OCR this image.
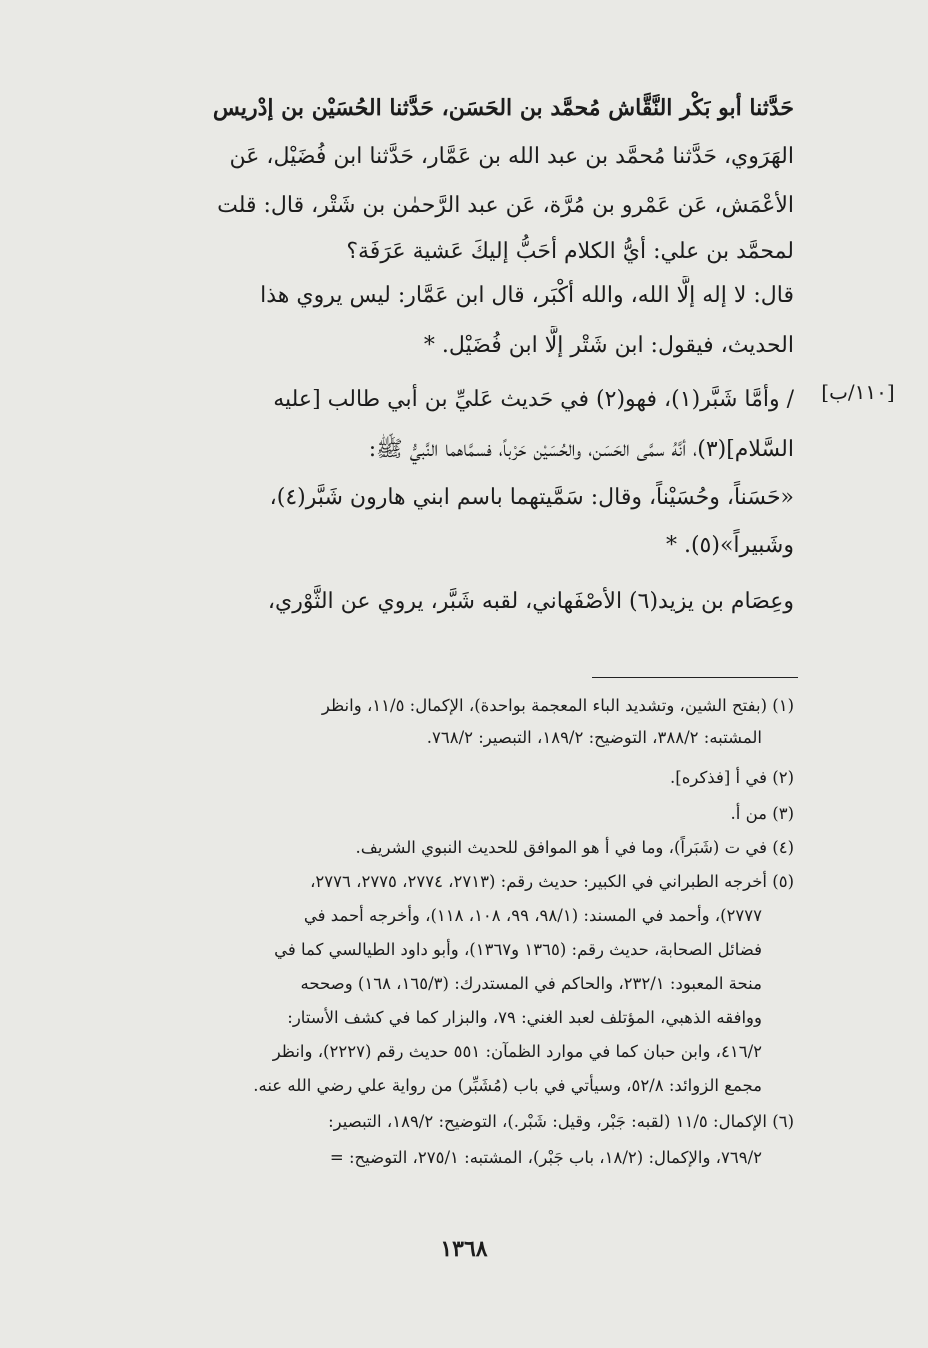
[١١٠/ب]
حَدَّثنا أبو بَكْر النَّقَّاش مُحمَّد بن الحَسَن، حَدَّثنا الحُسَيْن بن إدْريس
الهَرَوي، حَدَّثنا مُحمَّد بن عبد الله بن عَمَّار، حَدَّثنا ابن فُضَيْل، عَن
الأعْمَش، عَن عَمْرو بن مُرَّة، عَن عبد الرَّحمٰن بن شَتْر، قال: قلت
لمحمَّد بن علي: أيُّ الكلام أحَبُّ إليكَ عَشية عَرَفَة؟
قال: لا إله إلَّا الله، والله أكْبَر، قال ابن عَمَّار: ليس يروي هذا
الحديث، فيقول: ابن شَتْر إلَّا ابن فُضَيْل. *
/ وأمَّا شَبَّر(١)، فهو(٢) في حَديث عَليِّ بن أبي طالب [عليه
السَّلام](٣)، أنَّهُ سمَّى الحَسَن، والحُسَيْن حَرْباً، فسمَّاهما النَّبيُّ ﷺ:
«حَسَناً، وحُسَيْناً، وقال: سَمَّيتهما باسم ابني هارون شَبَّر(٤)،
وشَبيراً»(٥). *
وعِصَام بن يزيد(٦) الأصْفَهاني، لقبه شَبَّر، يروي عن الثَّوْري،
(١) (بفتح الشين، وتشديد الباء المعجمة بواحدة)، الإكمال: ١١/٥، وانظر
المشتبه: ٣٨٨/٢، التوضيح: ١٨٩/٢، التبصير: ٧٦٨/٢.
(٢) في أ [فذكره].
(٣) من أ.
(٤) في ت (شَبَراً)، وما في أ هو الموافق للحديث النبوي الشريف.
(٥) أخرجه الطبراني في الكبير: حديث رقم: (٢٧١٣، ٢٧٧٤، ٢٧٧٥، ٢٧٧٦،
٢٧٧٧)، وأحمد في المسند: (٩٨/١، ٩٩، ١٠٨، ١١٨)، وأخرجه أحمد في
فضائل الصحابة، حديث رقم: (١٣٦٥ و١٣٦٧)، وأبو داود الطيالسي كما في
منحة المعبود: ٢٣٢/١، والحاكم في المستدرك: (١٦٥/٣، ١٦٨) وصححه
ووافقه الذهبي، المؤتلف لعبد الغني: ٧٩، والبزار كما في كشف الأستار:
٤١٦/٢، وابن حبان كما في موارد الظمآن: ٥٥١ حديث رقم (٢٢٢٧)، وانظر
مجمع الزوائد: ٥٢/٨، وسيأتي في باب (مُشَبِّر) من رواية علي رضي الله عنه.
(٦) الإكمال: ١١/٥ (لقبه: جَبْر، وقيل: شَبْر.)، التوضيح: ١٨٩/٢، التبصير:
٧٦٩/٢، والإكمال: (١٨/٢، باب جَبْر)، المشتبه: ٢٧٥/١، التوضيح: =
١٣٦٨
